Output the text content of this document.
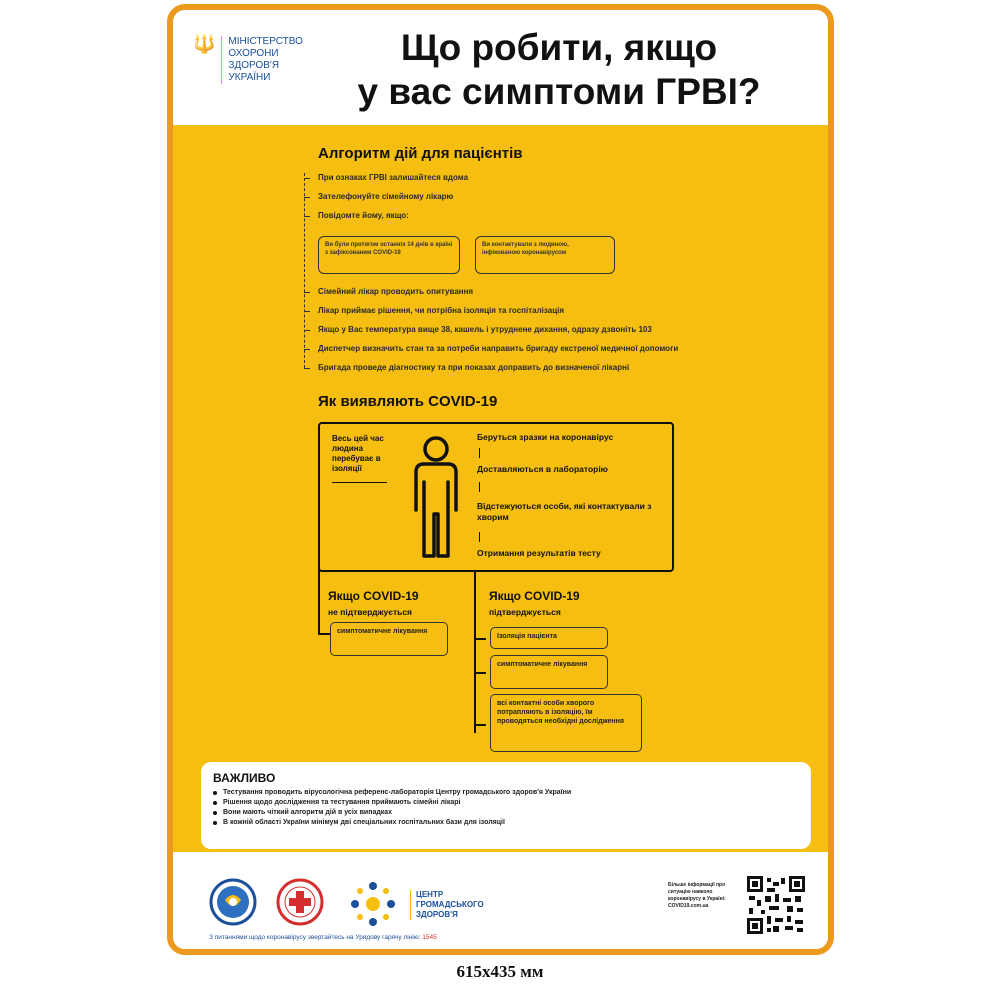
🔱 МІНІСТЕРСТВО
ОХОРОНИ
ЗДОРОВ'Я
УКРАЇНИ
Що робити, якщо
у вас симптоми ГРВІ?
Алгоритм дій для пацієнтів
При ознаках ГРВІ залишайтеся вдома
Зателефонуйте сімейному лікарю
Повідомте йому, якщо:
Ви були протягом останніх 14 днів в країні з зафіксованим COVID-19
Ви контактували з людиною, інфікованою коронавірусом
Сімейний лікар проводить опитування
Лікар приймає рішення, чи потрібна ізоляція та госпіталізація
Якщо у Вас температура вище 38, кашель і утруднене дихання, одразу дзвоніть 103
Диспетчер визначить стан та за потреби направить бригаду екстреної медичної допомоги
Бригада проведе діагностику та при показах доправить до визначеної лікарні
Як виявляють COVID-19
Весь цей час людина перебуває в ізоляції
Беруться зразки на коронавірус
Доставляються в лабораторію
Відстежуються особи, які контактували з хворим
Отримання результатів тесту
Якщо COVID-19
не підтверджується
симптоматичне лікування
Якщо COVID-19
підтверджується
Ізоляція пацієнта
симптоматичне лікування
всі контактні особи хворого потрапляють в ізоляцію, їм проводяться необхідні дослідження
ВАЖЛИВО
Тестування проводить вірусологічна референс-лабораторія Центру громадського здоров'я України
Рішення щодо дослідження та тестування приймають сімейні лікарі
Вони мають чіткий алгоритм дій в усіх випадках
В кожній області України мінімум дві спеціальних госпітальних бази для ізоляції
ЦЕНТР
ГРОМАДСЬКОГО
ЗДОРОВ'Я
Більше інформації про ситуацію навколо коронавірусу в Україні: COVID19.com.ua
З питаннями щодо коронавірусу звертайтесь на Урядову гарячу лінію: 1545
615x435 мм
